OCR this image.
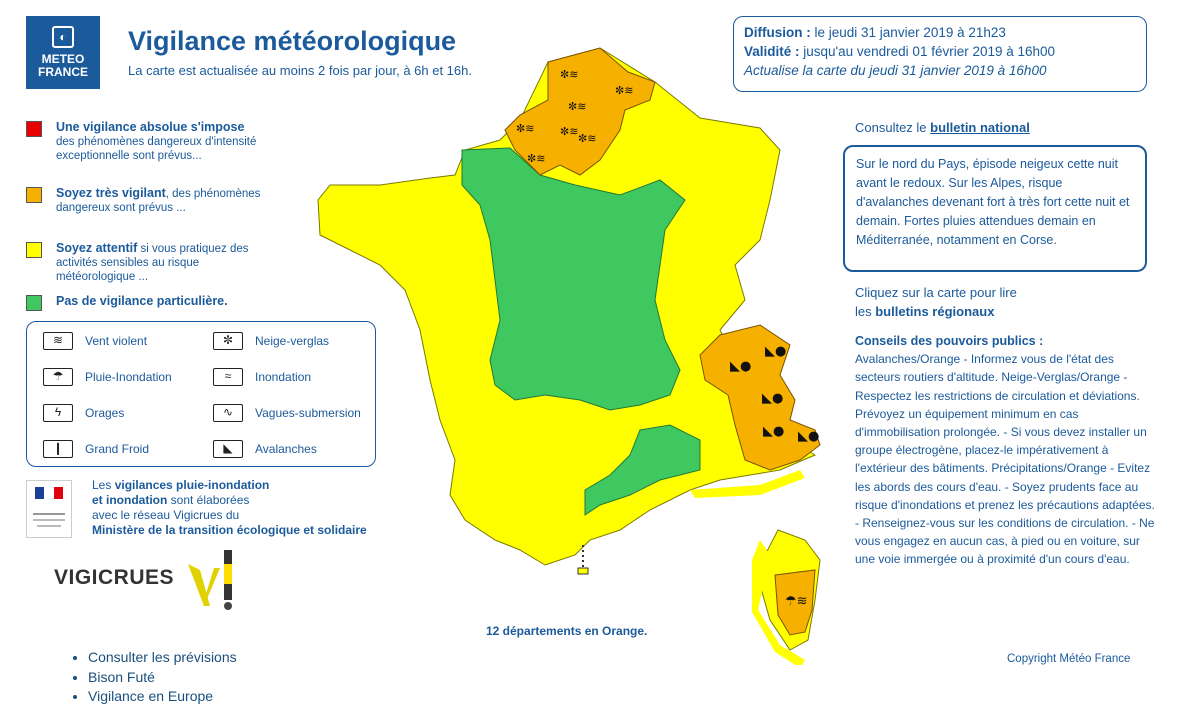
◐
METEO
FRANCE
Vigilance météorologique
La carte est actualisée au moins 2 fois par jour, à 6h et 16h.
Une vigilance absolue s'impose
des phénomènes dangereux d'intensité exceptionnelle sont prévus...
Soyez très vigilant, des phénomènes dangereux sont prévus ...
Soyez attentif si vous pratiquez des activités sensibles au risque météorologique ...
Pas de vigilance particulière.
≋	Vent violent	✼	Neige-verglas
☂	Pluie-Inondation	≈	Inondation
ϟ	Orages	∿	Vagues-submersion
❙	Grand Froid	◣	Avalanches
Les vigilances pluie-inondation
et inondation sont élaborées
avec le réseau Vigicrues du
Ministère de la transition écologique et solidaire
VIGICRUES
• Consulter les prévisions
• Bison Futé
• Vigilance en Europe
✼≋
✼≋
✼≋
✼≋ ✼≋
✼≋
✼≋
◣●
◣●
◣●
◣● ◣●
☂≋
12 départements en Orange.
Diffusion : le jeudi 31 janvier 2019 à 21h23
Validité : jusqu'au vendredi 01 février 2019 à 16h00
Actualise la carte du jeudi 31 janvier 2019 à 16h00
Consultez le bulletin national
Sur le nord du Pays, épisode neigeux cette nuit avant le redoux. Sur les Alpes, risque d'avalanches devenant fort à très fort cette nuit et demain. Fortes pluies attendues demain en Méditerranée, notamment en Corse.
Cliquez sur la carte pour lire
les bulletins régionaux
Conseils des pouvoirs publics :
Avalanches/Orange - Informez vous de l'état des secteurs routiers d'altitude. Neige-Verglas/Orange - Respectez les restrictions de circulation et déviations. Prévoyez un équipement minimum en cas d'immobilisation prolongée. - Si vous devez installer un groupe électrogène, placez-le impérativement à l'extérieur des bâtiments. Précipitations/Orange - Evitez les abords des cours d'eau. - Soyez prudents face au risque d'inondations et prenez les précautions adaptées. - Renseignez-vous sur les conditions de circulation. - Ne vous engagez en aucun cas, à pied ou en voiture, sur une voie immergée ou à proximité d'un cours d'eau.
Copyright Météo France
